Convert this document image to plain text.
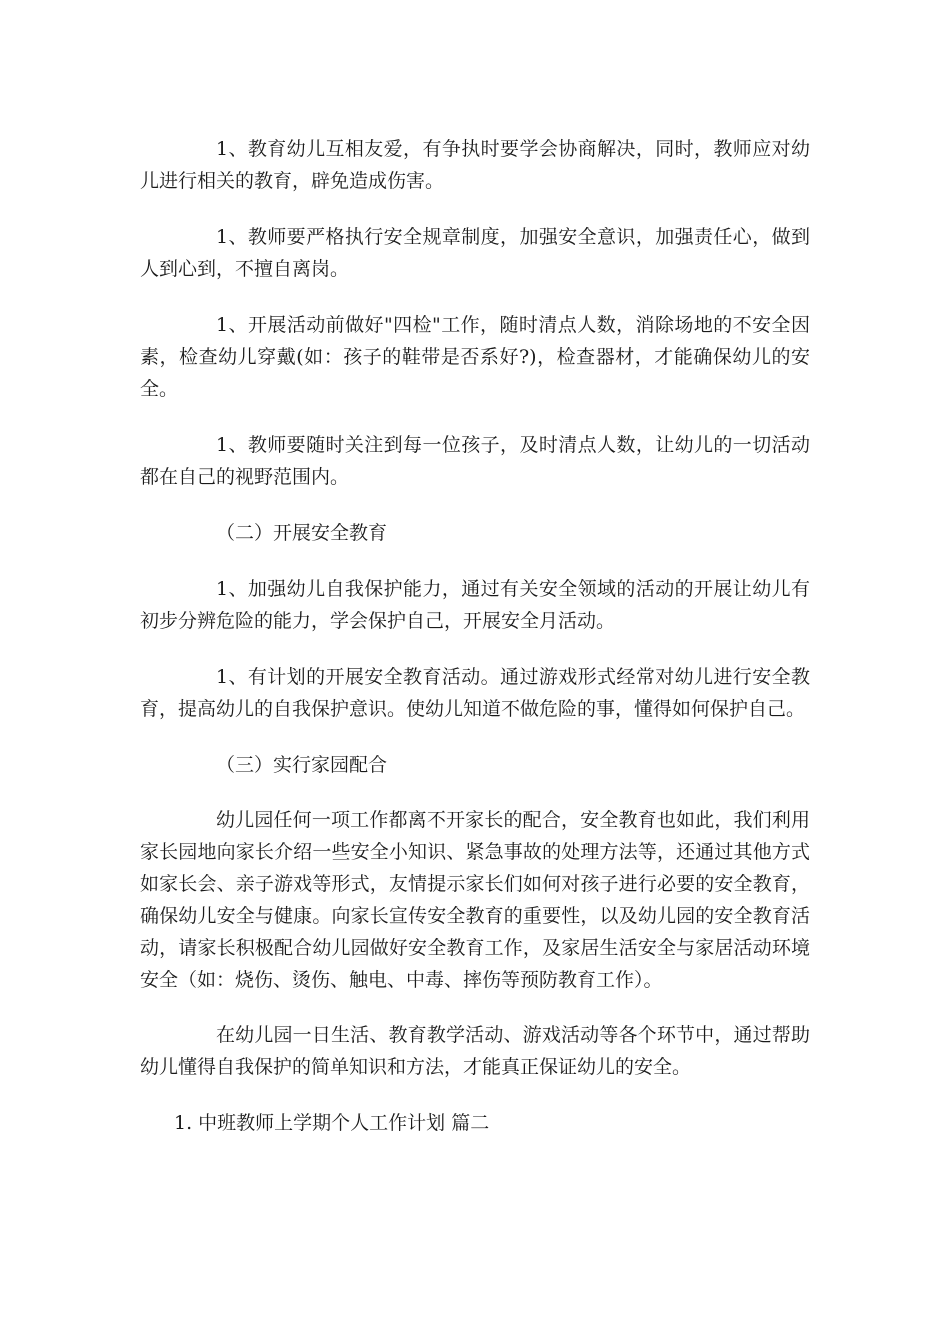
1、教育幼儿互相友爱，有争执时要学会协商解决，同时，教师应对幼儿进行相关的教育，辟免造成伤害。

1、教师要严格执行安全规章制度，加强安全意识，加强责任心，做到人到心到，不擅自离岗。

1、开展活动前做好"四检"工作，随时清点人数，消除场地的不安全因素，检查幼儿穿戴(如：孩子的鞋带是否系好?)，检查器材，才能确保幼儿的安全。

1、教师要随时关注到每一位孩子，及时清点人数，让幼儿的一切活动都在自己的视野范围内。

（二）开展安全教育

1、加强幼儿自我保护能力，通过有关安全领域的活动的开展让幼儿有初步分辨危险的能力，学会保护自己，开展安全月活动。

1、有计划的开展安全教育活动。通过游戏形式经常对幼儿进行安全教育，提高幼儿的自我保护意识。使幼儿知道不做危险的事，懂得如何保护自己。

（三）实行家园配合

幼儿园任何一项工作都离不开家长的配合，安全教育也如此，我们利用家长园地向家长介绍一些安全小知识、紧急事故的处理方法等，还通过其他方式如家长会、亲子游戏等形式，友情提示家长们如何对孩子进行必要的安全教育，确保幼儿安全与健康。向家长宣传安全教育的重要性，以及幼儿园的安全教育活动，请家长积极配合幼儿园做好安全教育工作，及家居生活安全与家居活动环境安全（如：烧伤、烫伤、触电、中毒、摔伤等预防教育工作）。

在幼儿园一日生活、教育教学活动、游戏活动等各个环节中，通过帮助幼儿懂得自我保护的简单知识和方法，才能真正保证幼儿的安全。

1. 中班教师上学期个人工作计划 篇二
